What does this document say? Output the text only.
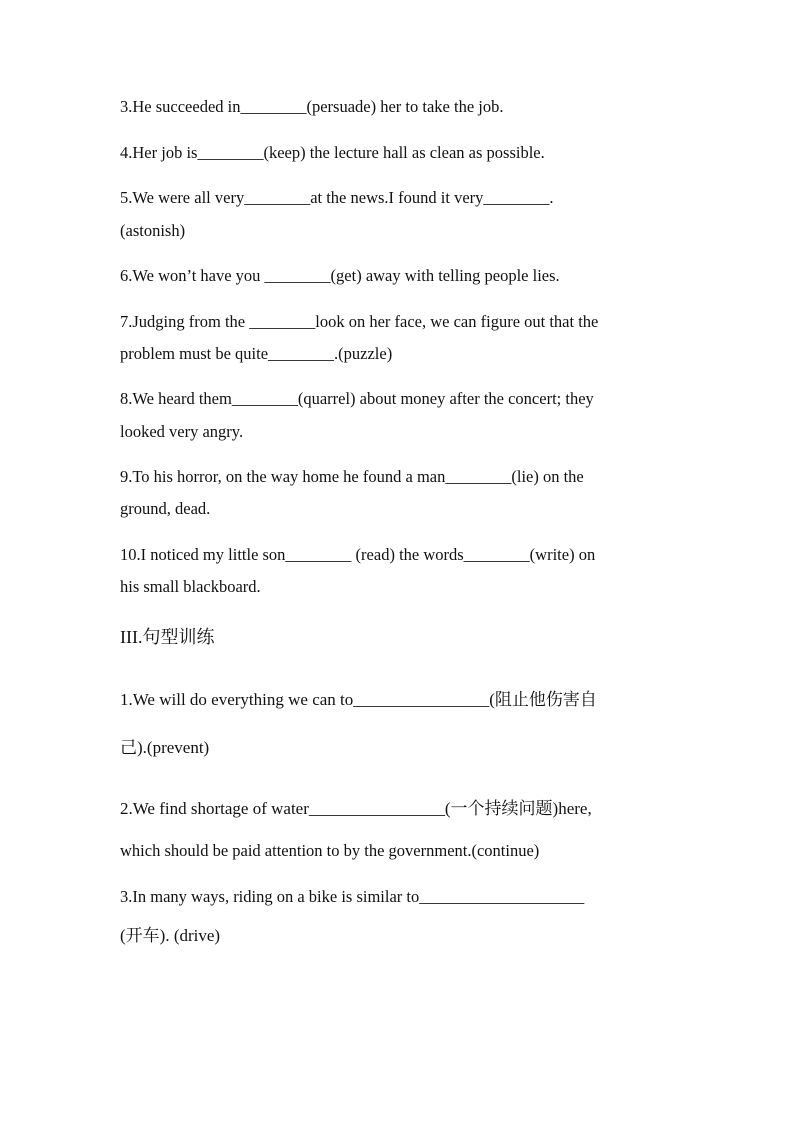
3.He succeeded in________(persuade) her to take the job.
4.Her job is________(keep) the lecture hall as clean as possible.
5.We were all very________at the news.I found it very________.
(astonish)
6.We won’t have you ________(get) away with telling people lies.
7.Judging from the ________look on her face, we can figure out that the
problem must be quite________.(puzzle)
8.We heard them________(quarrel) about money after the concert; they
looked very angry.
9.To his horror, on the way home he found a man________(lie) on the
ground, dead.
10.I noticed my little son________ (read) the words________(write) on
his small blackboard.
III.句型训练
1.We will do everything we can to________________(阻止他伤害自
己).(prevent)
2.We find shortage of water________________(一个持续问题)here,
which should be paid attention to by the government.(continue)
3.In many ways, riding on a bike is similar to____________________
(开车). (drive)
